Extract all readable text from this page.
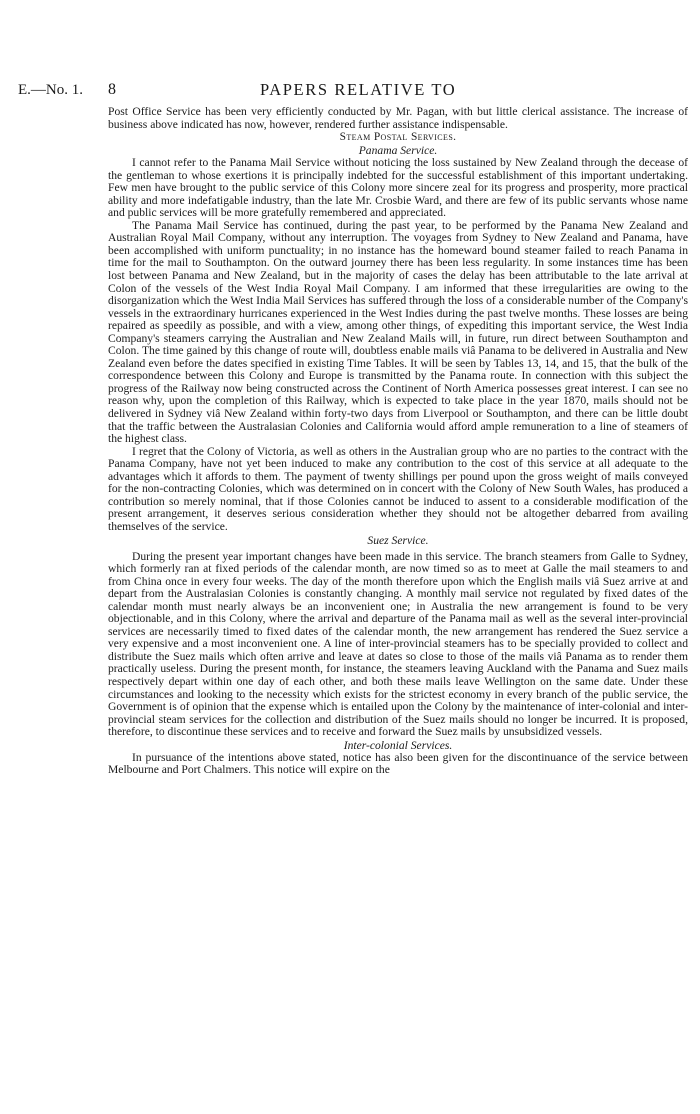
E.—No. 1. 8	PAPERS RELATIVE TO

Post Office Service has been very efficiently conducted by Mr. Pagan, with but little clerical assistance. The increase of business above indicated has now, however, rendered further assistance indispensable.

Steam Postal Services.
Panama Service.

I cannot refer to the Panama Mail Service without noticing the loss sustained by New Zealand through the decease of the gentleman to whose exertions it is principally indebted for the successful establishment of this important undertaking. Few men have brought to the public service of this Colony more sincere zeal for its progress and prosperity, more practical ability and more indefatigable industry, than the late Mr. Crosbie Ward, and there are few of its public servants whose name and public services will be more gratefully remembered and appreciated.

The Panama Mail Service has continued, during the past year, to be performed by the Panama New Zealand and Australian Royal Mail Company, without any interruption. The voyages from Sydney to New Zealand and Panama, have been accomplished with uniform punctuality; in no instance has the homeward bound steamer failed to reach Panama in time for the mail to Southampton. On the outward journey there has been less regularity. In some instances time has been lost between Panama and New Zealand, but in the majority of cases the delay has been attributable to the late arrival at Colon of the vessels of the West India Royal Mail Company. I am informed that these irregularities are owing to the disorganization which the West India Mail Services has suffered through the loss of a considerable number of the Company's vessels in the extraordinary hurricanes experienced in the West Indies during the past twelve months. These losses are being repaired as speedily as possible, and with a view, among other things, of expediting this important service, the West India Company's steamers carrying the Australian and New Zealand Mails will, in future, run direct between Southampton and Colon. The time gained by this change of route will, doubtless enable mails viâ Panama to be delivered in Australia and New Zealand even before the dates specified in existing Time Tables. It will be seen by Tables 13, 14, and 15, that the bulk of the correspondence between this Colony and Europe is transmitted by the Panama route. In connection with this subject the progress of the Railway now being constructed across the Continent of North America possesses great interest. I can see no reason why, upon the completion of this Railway, which is expected to take place in the year 1870, mails should not be delivered in Sydney viâ New Zealand within forty-two days from Liverpool or Southampton, and there can be little doubt that the traffic between the Australasian Colonies and California would afford ample remuneration to a line of steamers of the highest class.

I regret that the Colony of Victoria, as well as others in the Australian group who are no parties to the contract with the Panama Company, have not yet been induced to make any contribution to the cost of this service at all adequate to the advantages which it affords to them. The payment of twenty shillings per pound upon the gross weight of mails conveyed for the non-contracting Colonies, which was determined on in concert with the Colony of New South Wales, has produced a contribution so merely nominal, that if those Colonies cannot be induced to assent to a considerable modification of the present arrangement, it deserves serious consideration whether they should not be altogether debarred from availing themselves of the service.

Suez Service.

During the present year important changes have been made in this service. The branch steamers from Galle to Sydney, which formerly ran at fixed periods of the calendar month, are now timed so as to meet at Galle the mail steamers to and from China once in every four weeks. The day of the month therefore upon which the English mails viâ Suez arrive at and depart from the Australasian Colonies is constantly changing. A monthly mail service not regulated by fixed dates of the calendar month must nearly always be an inconvenient one; in Australia the new arrangement is found to be very objectionable, and in this Colony, where the arrival and departure of the Panama mail as well as the several inter-provincial services are necessarily timed to fixed dates of the calendar month, the new arrangement has rendered the Suez service a very expensive and a most inconvenient one. A line of inter-provincial steamers has to be specially provided to collect and distribute the Suez mails which often arrive and leave at dates so close to those of the mails viâ Panama as to render them practically useless. During the present month, for instance, the steamers leaving Auckland with the Panama and Suez mails respectively depart within one day of each other, and both these mails leave Wellington on the same date. Under these circumstances and looking to the necessity which exists for the strictest economy in every branch of the public service, the Government is of opinion that the expense which is entailed upon the Colony by the maintenance of inter-colonial and inter-provincial steam services for the collection and distribution of the Suez mails should no longer be incurred. It is proposed, therefore, to discontinue these services and to receive and forward the Suez mails by unsubsidized vessels.

Inter-colonial Services.

In pursuance of the intentions above stated, notice has also been given for the discontinuance of the service between Melbourne and Port Chalmers. This notice will expire on the
